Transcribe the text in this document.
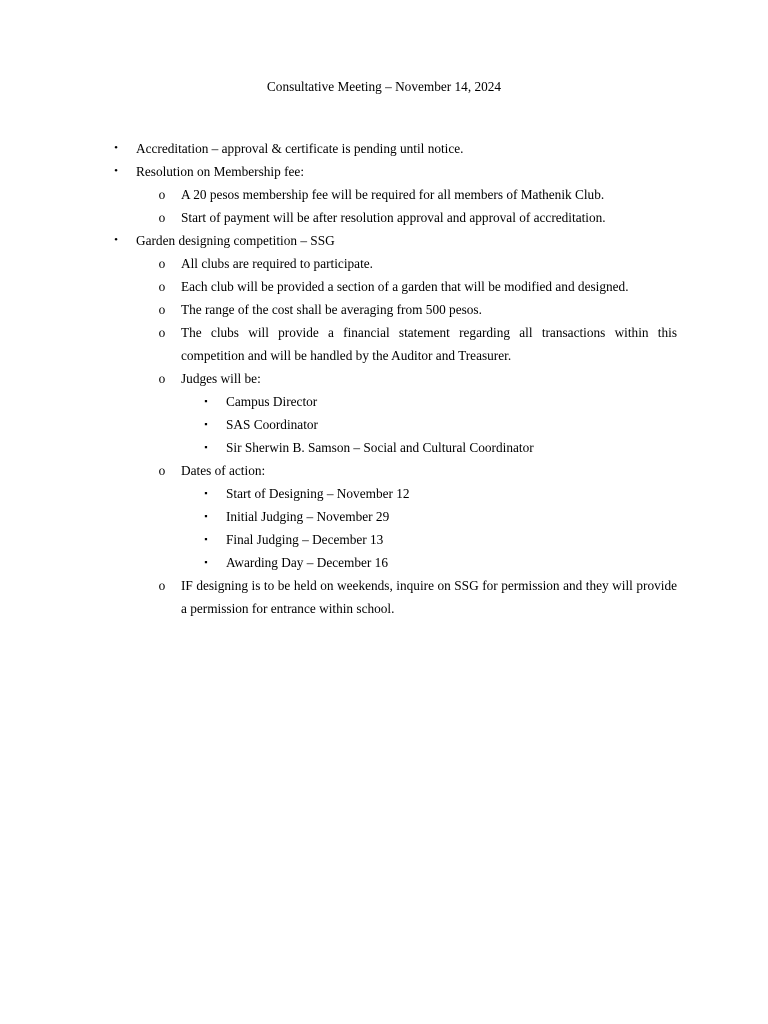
Consultative Meeting – November 14, 2024
•	Accreditation – approval & certificate is pending until notice.
•	Resolution on Membership fee:
o	A 20 pesos membership fee will be required for all members of Mathenik Club.
o	Start of payment will be after resolution approval and approval of accreditation.
•	Garden designing competition – SSG
o	All clubs are required to participate.
o	Each club will be provided a section of a garden that will be modified and designed.
o	The range of the cost shall be averaging from 500 pesos.
o	The clubs will provide a financial statement regarding all transactions within this competition and will be handled by the Auditor and Treasurer.
o	Judges will be:
▪	Campus Director
▪	SAS Coordinator
▪	Sir Sherwin B. Samson – Social and Cultural Coordinator
o	Dates of action:
▪	Start of Designing – November 12
▪	Initial Judging – November 29
▪	Final Judging – December 13
▪	Awarding Day – December 16
o	IF designing is to be held on weekends, inquire on SSG for permission and they will provide a permission for entrance within school.
